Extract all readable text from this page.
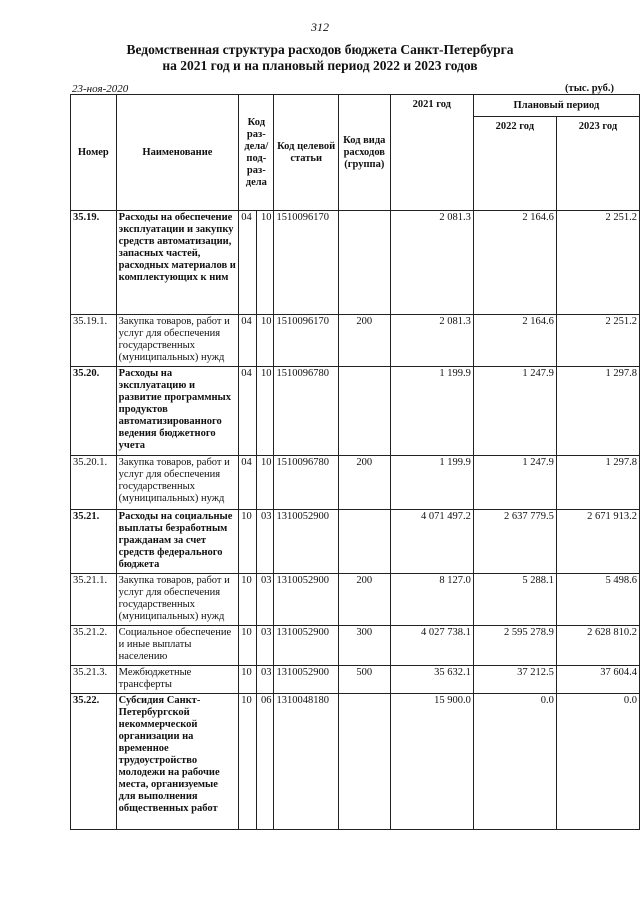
312
Ведомственная структура расходов бюджета Санкт-Петербурга
на 2021 год и на плановый период 2022 и 2023 годов
23-ноя-2020	(тыс. руб.)
Номер	Наименование	Код раз-дела/ под-раз-дела		Код целевой статьи	Код вида расходов (группа)	2021 год	Плановый период	
							2022 год	2023 год
35.19.	Расходы на обеспечение эксплуатации и закупку средств автоматизации, запасных частей, расходных материалов и комплектующих к ним	04	10	1510096170		2 081.3	2 164.6	2 251.2
35.19.1.	Закупка товаров, работ и услуг для обеспечения государственных (муниципальных) нужд	04	10	1510096170	200	2 081.3	2 164.6	2 251.2
35.20.	Расходы на эксплуатацию и развитие программных продуктов автоматизированного ведения бюджетного учета	04	10	1510096780		1 199.9	1 247.9	1 297.8
35.20.1.	Закупка товаров, работ и услуг для обеспечения государственных (муниципальных) нужд	04	10	1510096780	200	1 199.9	1 247.9	1 297.8
35.21.	Расходы на социальные выплаты безработным гражданам за счет средств федерального бюджета	10	03	1310052900		4 071 497.2	2 637 779.5	2 671 913.2
35.21.1.	Закупка товаров, работ и услуг для обеспечения государственных (муниципальных) нужд	10	03	1310052900	200	8 127.0	5 288.1	5 498.6
35.21.2.	Социальное обеспечение и иные выплаты населению	10	03	1310052900	300	4 027 738.1	2 595 278.9	2 628 810.2
35.21.3.	Межбюджетные трансферты	10	03	1310052900	500	35 632.1	37 212.5	37 604.4
35.22.	Субсидия Санкт-Петербургской некоммерческой организации на временное трудоустройство молодежи на рабочие места, организуемые для выполнения общественных работ	10	06	1310048180		15 900.0	0.0	0.0
